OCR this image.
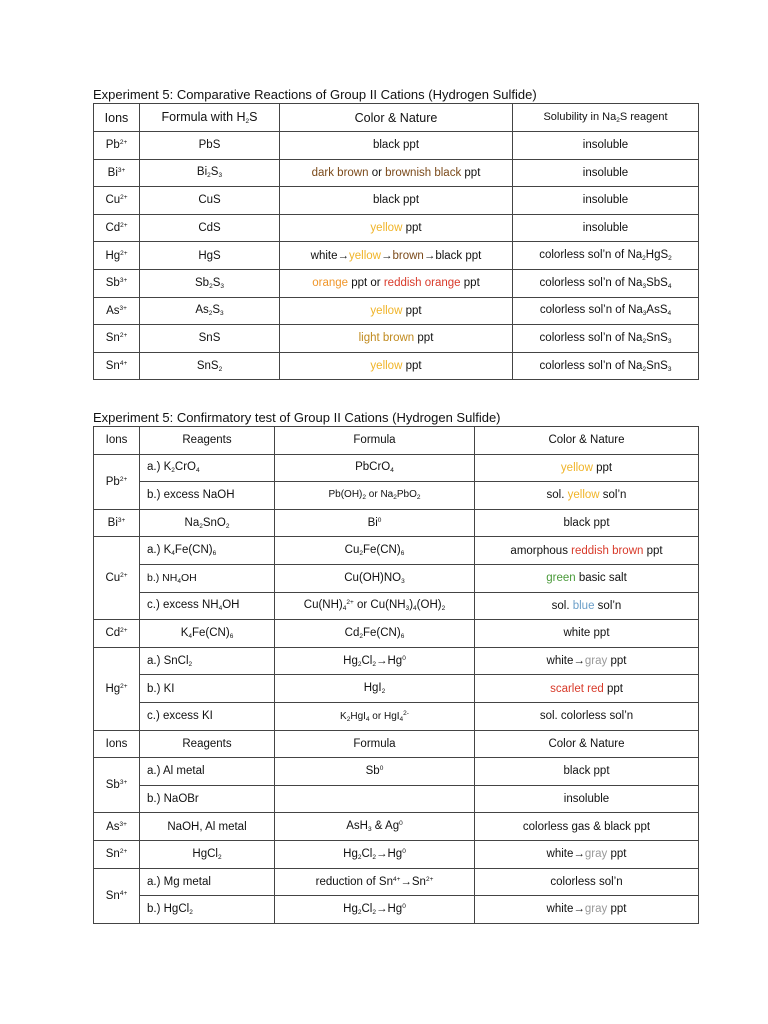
Experiment 5: Comparative Reactions of Group II Cations (Hydrogen Sulfide)
Ions	Formula with $H_2S$	Color & Nature	Solubility in $Na_2S$ reagent
$Pb^{2+}$	PbS	black ppt	insoluble
$Bi^{3+}$	$Bi_2S_3$	dark brown or brownish black ppt	insoluble
$Cu^{2+}$	CuS	black ppt	insoluble
$Cd^{2+}$	CdS	yellow ppt	insoluble
$Hg^{2+}$	HgS	white→yellow→brown→black ppt	colorless sol’n of $Na_2HgS_2$
$Sb^{3+}$	$Sb_2S_3$	orange ppt or reddish orange ppt	colorless sol’n of $Na_3SbS_4$
$As^{3+}$	$As_2S_3$	yellow ppt	colorless sol’n of $Na_3AsS_4$
$Sn^{2+}$	SnS	light brown ppt	colorless sol’n of $Na_2SnS_3$
$Sn^{4+}$	SnS$_2$	yellow ppt	colorless sol’n of $Na_2SnS_3$
Experiment 5: Confirmatory test of Group II Cations (Hydrogen Sulfide)
Ions	Reagents	Formula	Color & Nature
$Pb^{2+}$	a.) $K_2CrO_4$	PbCrO$_4$	yellow ppt
	b.) excess NaOH	$Pb(OH)_2$ or $Na_2PbO_2$	sol. yellow sol’n
$Bi^{3+}$	$Na_2SnO_2$	Bi$^0$	black ppt
$Cu^{2+}$	a.) $K_4Fe(CN)_6$	$Cu_2Fe(CN)_6$	amorphous reddish brown ppt
	b.) $NH_4OH$	$Cu(OH)NO_3$	green basic salt
	c.) excess $NH_4OH$	$Cu(NH)_4^{2+}$ or $Cu(NH_3)_4(OH)_2$	sol. blue sol’n
$Cd^{2+}$	$K_4Fe(CN)_6$	$Cd_2Fe(CN)_6$	white ppt
$Hg^{2+}$	a.) SnCl$_2$	$Hg_2Cl_2\to Hg^0$	white→gray ppt
	b.) KI	HgI$_2$	scarlet red ppt
	c.) excess KI	$K_2HgI_4$ or HgI$_4^{2-}$	sol. colorless sol’n
Ions	Reagents	Formula	Color & Nature
$Sb^{3+}$	a.) Al metal	Sb$^0$	black ppt
	b.) NaOBr		insoluble
$As^{3+}$	NaOH, Al metal	AsH$_3$ & Ag$^0$	colorless gas & black ppt
$Sn^{2+}$	HgCl$_2$	$Hg_2Cl_2\to Hg^0$	white→gray ppt
$Sn^{4+}$	a.) Mg metal	reduction of $Sn^{4+}\to Sn^{2+}$	colorless sol’n
	b.) HgCl$_2$	$Hg_2Cl_2\to Hg^0$	white→gray ppt
